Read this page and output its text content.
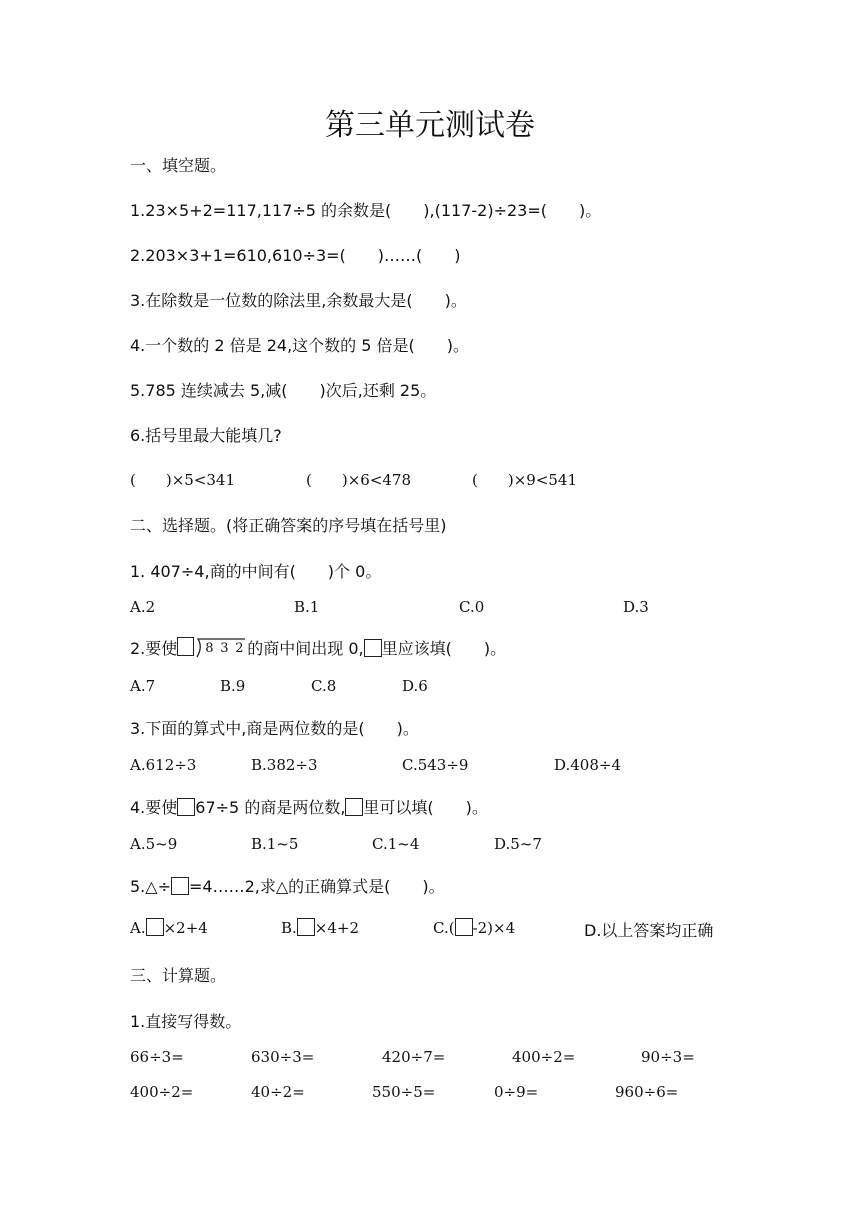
第三单元测试卷
一、填空题。
1.23×5+2=117,117÷5 的余数是(　　),(117-2)÷23=(　　)。
2.203×3+1=610,610÷3=(　　)……(　　)
3.在除数是一位数的除法里,余数最大是(　　)。
4.一个数的 2 倍是 24,这个数的 5 倍是(　　)。
5.785 连续减去 5,减(　　)次后,还剩 25。
6.括号里最大能填几?
(　　)×5<341	(　　)×6<478	(　　)×9<541
二、选择题。(将正确答案的序号填在括号里)
1. 407÷4,商的中间有(　　)个 0。
A.2	B.1	C.0	D.3
2.要使 8 3 2 的商中间出现 0, 里应该填(　　)。
A.7	B.9	C.8	D.6
3.下面的算式中,商是两位数的是(　　)。
A.612÷3	B.382÷3	C.543÷9	D.408÷4
4.要使 67÷5 的商是两位数, 里可以填(　　)。
A.5~9	B.1~5	C.1~4	D.5~7
5.△÷ =4……2,求△的正确算式是(　　)。
A. ×2+4	B. ×4+2	C.( -2)×4	D.以上答案均正确
三、计算题。
1.直接写得数。
66÷3=	630÷3=	420÷7=	400÷2=	90÷3=
400÷2=	40÷2=	550÷5=	0÷9=	960÷6=
